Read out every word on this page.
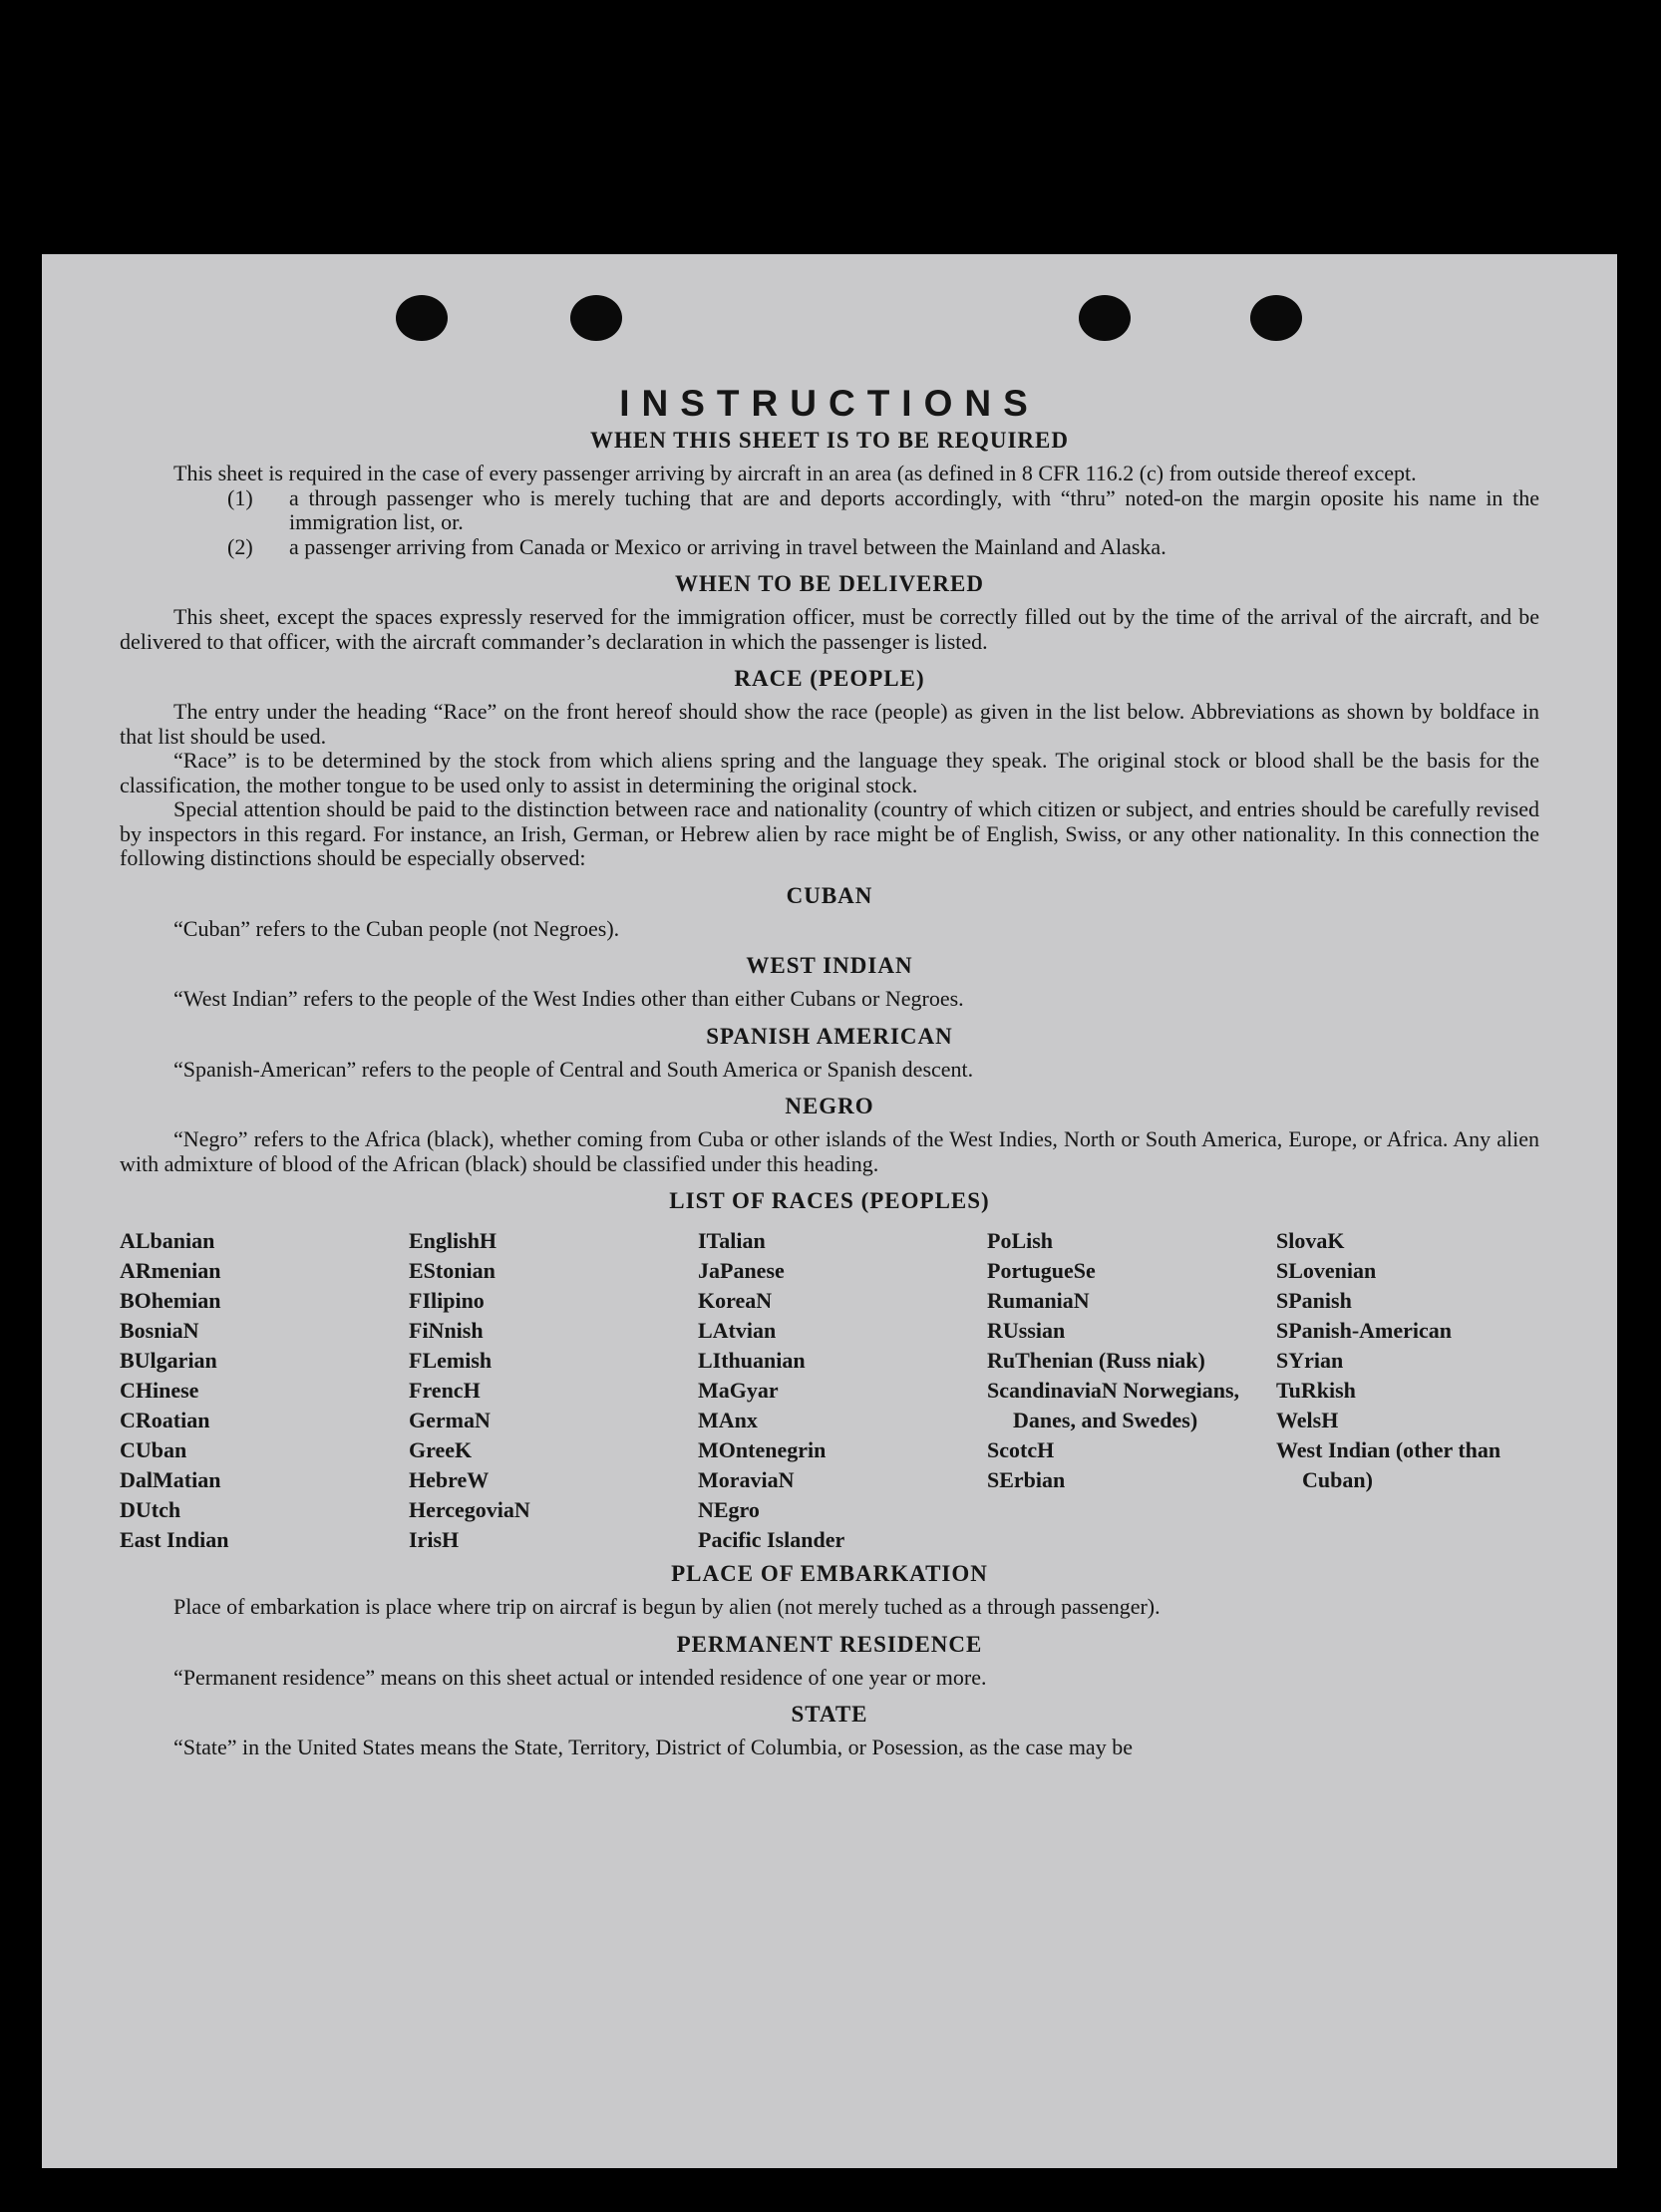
INSTRUCTIONS
WHEN THIS SHEET IS TO BE REQUIRED

This sheet is required in the case of every passenger arriving by aircraft in an area (as defined in 8 CFR 116.2 (c) from outside thereof except.

(1)	a through passenger who is merely tuching that are and deports accordingly, with “thru” noted-on the margin oposite his name in the immigration list, or.
(2)	a passenger arriving from Canada or Mexico or arriving in travel between the Mainland and Alaska.
WHEN TO BE DELIVERED

This sheet, except the spaces expressly reserved for the immigration officer, must be correctly filled out by the time of the arrival of the aircraft, and be delivered to that officer, with the aircraft commander’s declaration in which the passenger is listed.

RACE (PEOPLE)

The entry under the heading “Race” on the front hereof should show the race (people) as given in the list below. Abbreviations as shown by boldface in that list should be used.

“Race” is to be determined by the stock from which aliens spring and the language they speak. The original stock or blood shall be the basis for the classification, the mother tongue to be used only to assist in determining the original stock.

Special attention should be paid to the distinction between race and nationality (country of which citizen or subject, and entries should be carefully revised by inspectors in this regard. For instance, an Irish, German, or Hebrew alien by race might be of English, Swiss, or any other nationality. In this connection the following distinctions should be especially observed:

CUBAN

“Cuban” refers to the Cuban people (not Negroes).

WEST INDIAN

“West Indian” refers to the people of the West Indies other than either Cubans or Negroes.

SPANISH AMERICAN

“Spanish-American” refers to the people of Central and South America or Spanish descent.

NEGRO

“Negro” refers to the Africa (black), whether coming from Cuba or other islands of the West Indies, North or South America, Europe, or Africa. Any alien with admixture of blood of the African (black) should be classified under this heading.

LIST OF RACES (PEOPLES)
ALbanian
ARmenian
BOhemian
BosniaN
BUlgarian
CHinese
CRoatian
CUban
DalMatian
DUtch
East Indian
EnglishH
EStonian
FIlipino
FiNnish
FLemish
FrencH
GermaN
GreeK
HebreW
HercegoviaN
IrisH
ITalian
JaPanese
KoreaN
LAtvian
LIthuanian
MaGyar
MAnx
MOntenegrin
MoraviaN
NEgro
Pacific Islander
PoLish
PortugueSe
RumaniaN
RUssian
RuThenian (Russ niak)
ScandinaviaN Norwegians, Danes, and Swedes)
ScotcH
SErbian
SlovaK
SLovenian
SPanish
SPanish-American
SYrian
TuRkish
WelsH
West Indian (other than Cuban)
PLACE OF EMBARKATION

Place of embarkation is place where trip on aircraf is begun by alien (not merely tuched as a through passenger).

PERMANENT RESIDENCE

“Permanent residence” means on this sheet actual or intended residence of one year or more.

STATE

“State” in the United States means the State, Territory, District of Columbia, or Posession, as the case may be
